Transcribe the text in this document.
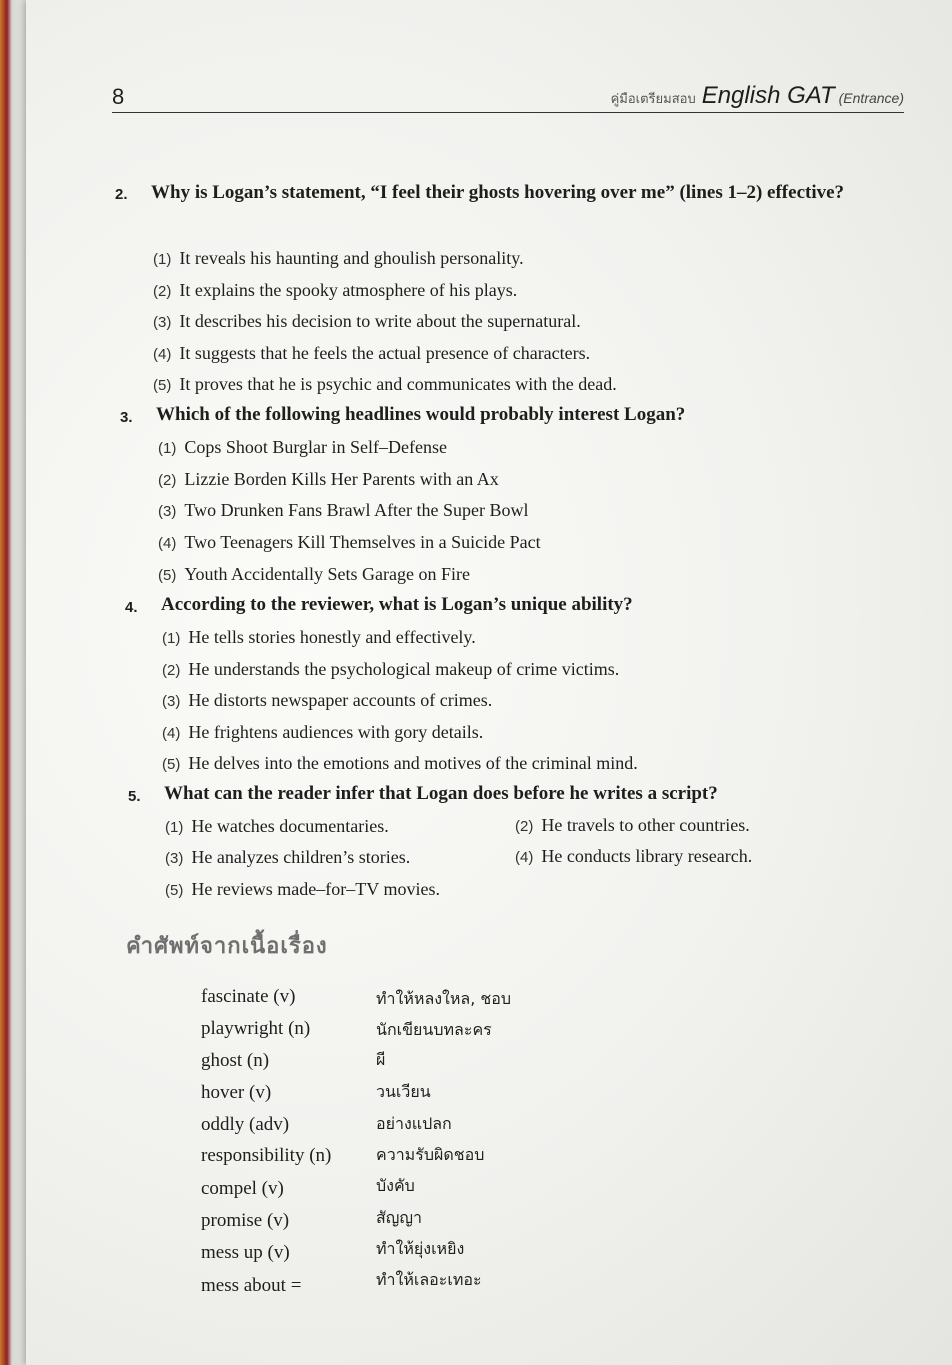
8	คู่มือเตรียมสอบ English GAT (Entrance)
2. Why is Logan’s statement, “I feel their ghosts hovering over me” (lines 1–2) effective?
(1) It reveals his haunting and ghoulish personality.
(2) It explains the spooky atmosphere of his plays.
(3) It describes his decision to write about the supernatural.
(4) It suggests that he feels the actual presence of characters.
(5) It proves that he is psychic and communicates with the dead.
3. Which of the following headlines would probably interest Logan?
(1) Cops Shoot Burglar in Self–Defense
(2) Lizzie Borden Kills Her Parents with an Ax
(3) Two Drunken Fans Brawl After the Super Bowl
(4) Two Teenagers Kill Themselves in a Suicide Pact
(5) Youth Accidentally Sets Garage on Fire
4. According to the reviewer, what is Logan’s unique ability?
(1) He tells stories honestly and effectively.
(2) He understands the psychological makeup of crime victims.
(3) He distorts newspaper accounts of crimes.
(4) He frightens audiences with gory details.
(5) He delves into the emotions and motives of the criminal mind.
5. What can the reader infer that Logan does before he writes a script?
(1) He watches documentaries.	(2) He travels to other countries.
(3) He analyzes children’s stories.	(4) He conducts library research.
(5) He reviews made–for–TV movies.
คำศัพท์จากเนื้อเรื่อง
fascinate (v)	ทำให้หลงใหล, ชอบ
playwright (n)	นักเขียนบทละคร
ghost (n)	ผี
hover (v)	วนเวียน
oddly (adv)	อย่างแปลก
responsibility (n)	ความรับผิดชอบ
compel (v)	บังคับ
promise (v)	สัญญา
mess up (v)	ทำให้ยุ่งเหยิง
mess about =	ทำให้เลอะเทอะ
